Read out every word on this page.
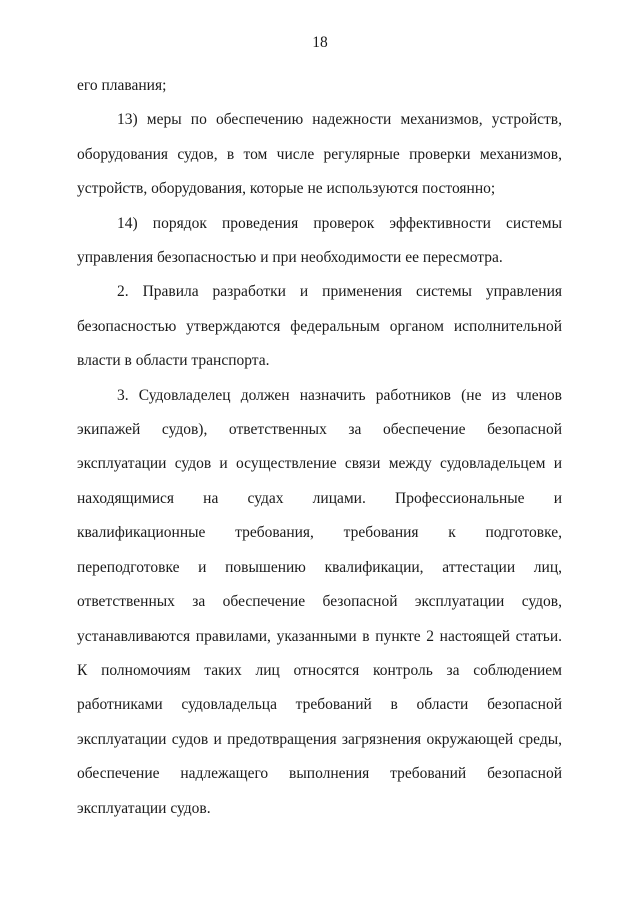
18

его плавания;

13) меры по обеспечению надежности механизмов, устройств, оборудования судов, в том числе регулярные проверки механизмов, устройств, оборудования, которые не используются постоянно;

14) порядок проведения проверок эффективности системы управления безопасностью и при необходимости ее пересмотра.

2. Правила разработки и применения системы управления безопасностью утверждаются федеральным органом исполнительной власти в области транспорта.

3. Судовладелец должен назначить работников (не из членов экипажей судов), ответственных за обеспечение безопасной эксплуатации судов и осуществление связи между судовладельцем и находящимися на судах лицами. Профессиональные и квалификационные требования, требования к подготовке, переподготовке и повышению квалификации, аттестации лиц, ответственных за обеспечение безопасной эксплуатации судов, устанавливаются правилами, указанными в пункте 2 настоящей статьи. К полномочиям таких лиц относятся контроль за соблюдением работниками судовладельца требований в области безопасной эксплуатации судов и предотвращения загрязнения окружающей среды, обеспечение надлежащего выполнения требований безопасной эксплуатации судов.
